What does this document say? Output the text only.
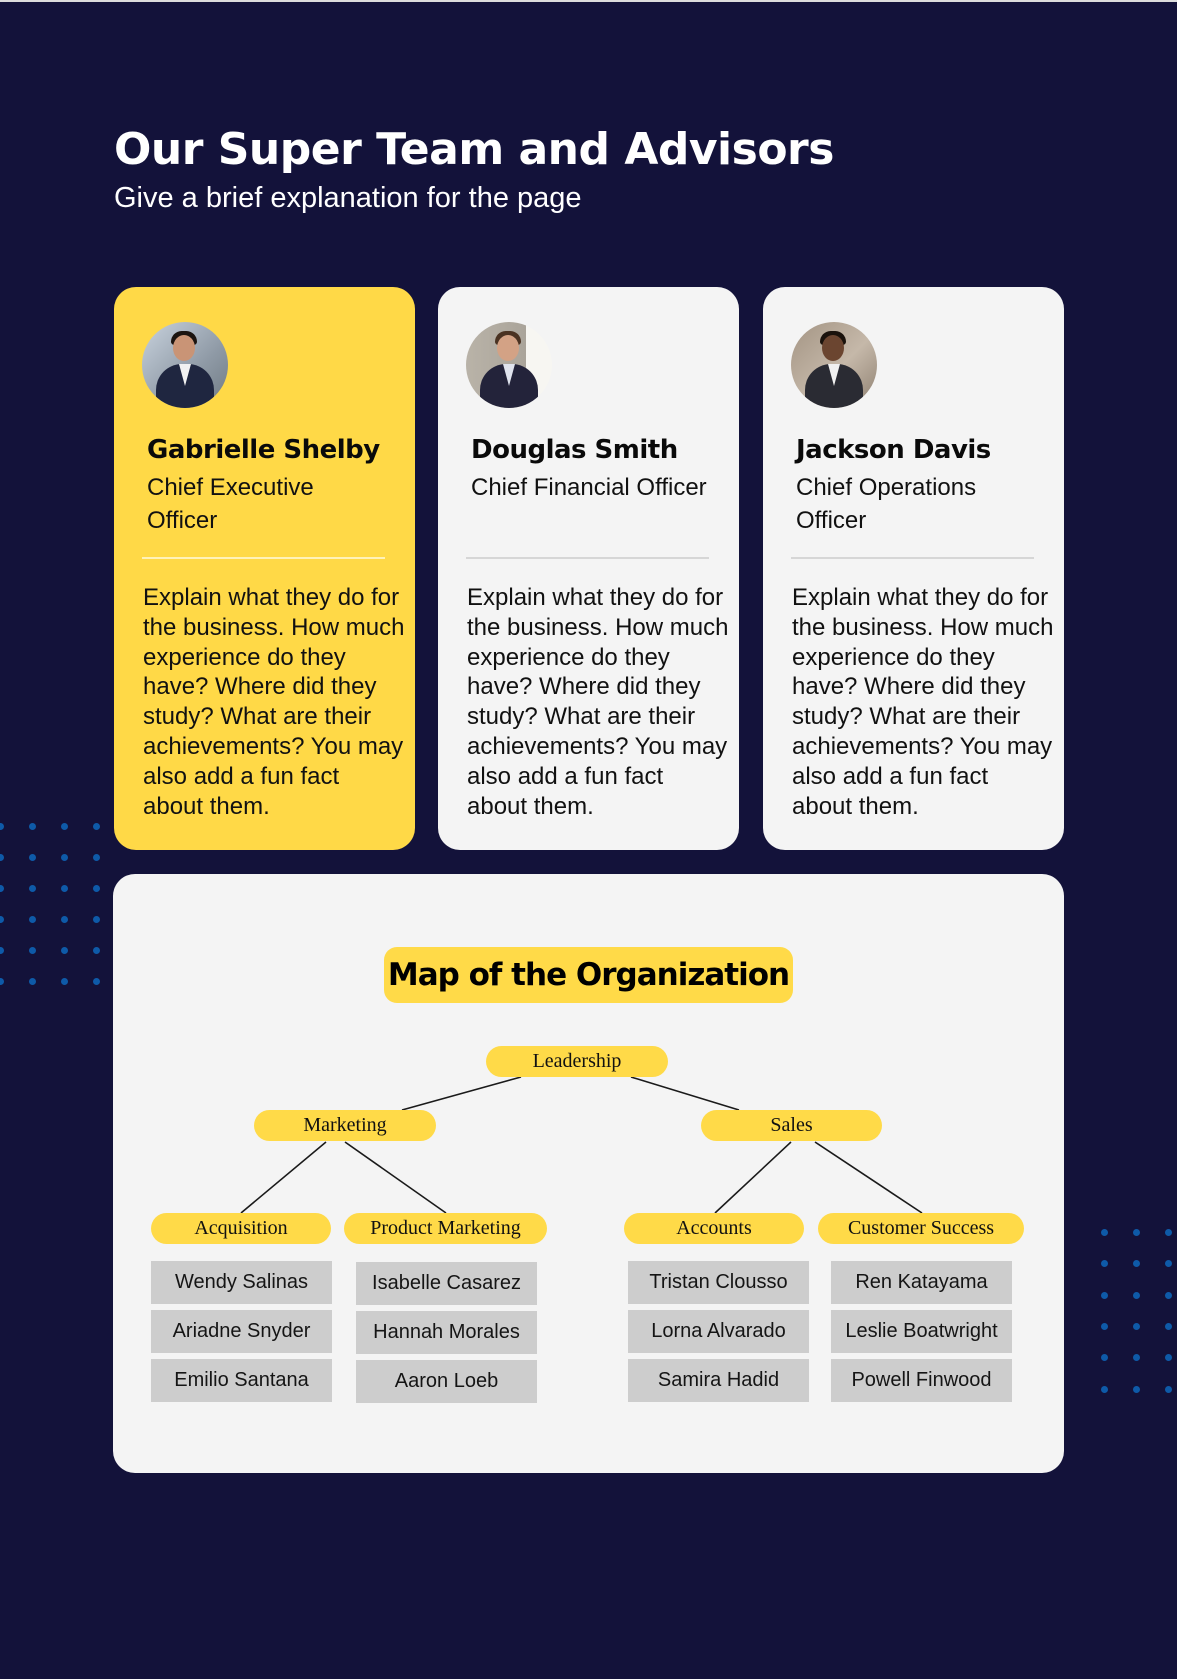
Our Super Team and Advisors
Give a brief explanation for the page
Gabrielle Shelby
Chief Executive Officer
Explain what they do for the business. How much experience do they have? Where did they study? What are their achievements? You may also add a fun fact about them.
Douglas Smith
Chief Financial Officer
Explain what they do for the business. How much experience do they have? Where did they study? What are their achievements? You may also add a fun fact about them.
Jackson Davis
Chief Operations Officer
Explain what they do for the business. How much experience do they have? Where did they study? What are their achievements? You may also add a fun fact about them.
Map of the Organization
Leadership
Marketing	Sales
Acquisition	Product Marketing	Accounts	Customer Success
Wendy Salinas
Ariadne Snyder
Emilio Santana
Isabelle Casarez
Hannah Morales
Aaron Loeb
Tristan Clousso
Lorna Alvarado
Samira Hadid
Ren Katayama
Leslie Boatwright
Powell Finwood
